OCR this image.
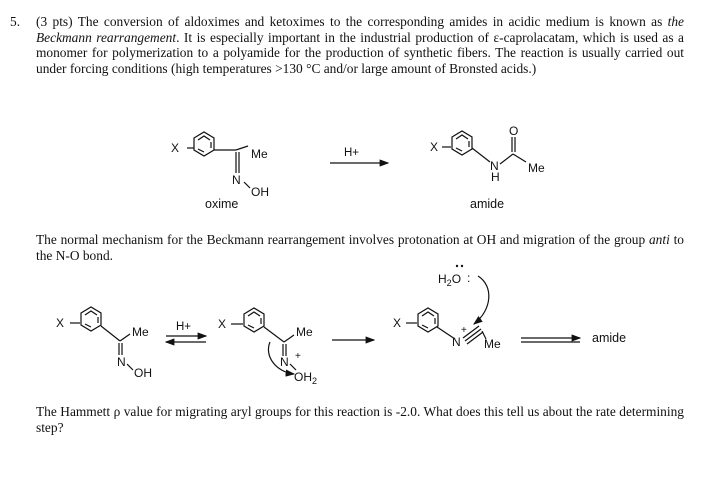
5. (3 pts) The conversion of aldoximes and ketoximes to the corresponding amides in acidic medium is known as the Beckmann rearrangement. It is especially important in the industrial production of ε-caprolacatam, which is used as a monomer for polymerization to a polyamide for the production of synthetic fibers. The reaction is usually carried out under forcing conditions (high temperatures >130 °C and/or large amount of Bronsted acids.)

X	Me
N
OH
oxime
H+	X
N
H
O
Me
amide
X
Me
N
OH
H+ X
Me
N +
$OH_2$
X
N
+
Me
$H_2O$ :
amide

The normal mechanism for the Beckmann rearrangement involves protonation at OH and migration of the group anti to the N-O bond.

The Hammett ρ value for migrating aryl groups for this reaction is -2.0. What does this tell us about the rate determining step?
